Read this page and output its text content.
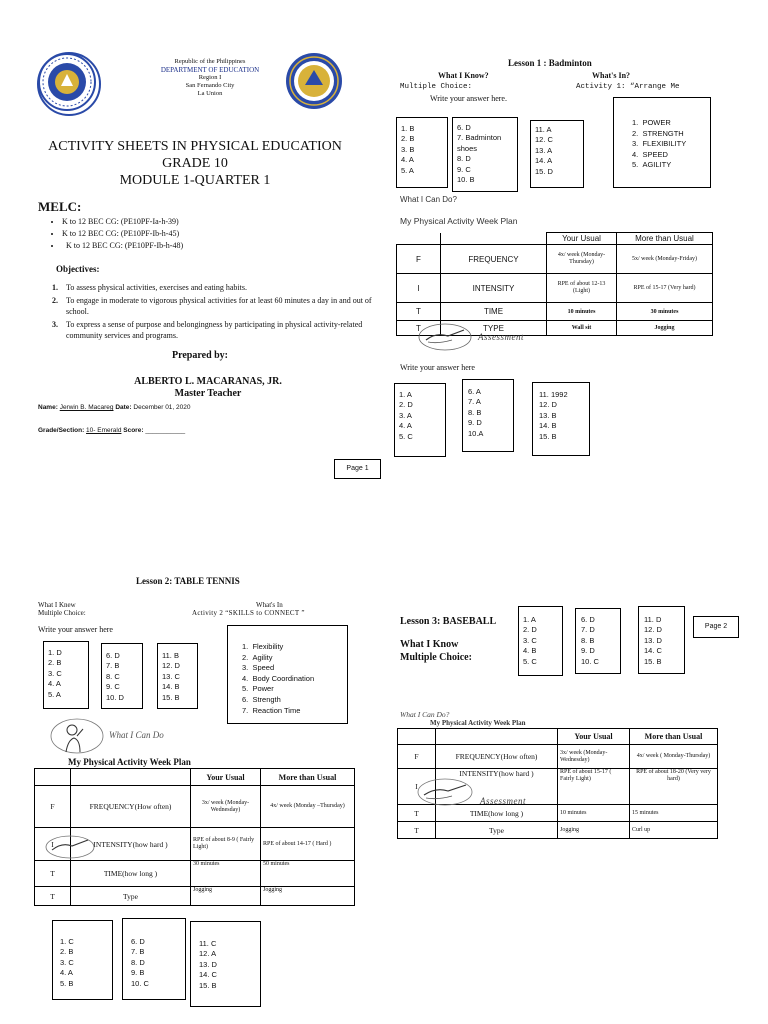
Republic of the Philippines
DEPARTMENT OF EDUCATION
Region I
San Fernando City
La Union
ACTIVITY SHEETS IN PHYSICAL EDUCATION
GRADE 10
MODULE 1-QUARTER 1
MELC:
• K to 12 BEC CG: (PE10PF-Ia-h-39)
• K to 12 BEC CG: (PE10PF-Ib-h-45)
• K to 12 BEC CG: (PE10PF-Ib-h-48)
Objectives:
1.	To assess physical activities, exercises and eating habits.
2.	To engage in moderate to vigorous physical activities for at least 60 minutes a day in and out of school.
3.	To express a sense of purpose and belongingness by participating in physical activity-related community services and programs.
Prepared by:
ALBERTO L. MACARANAS, JR.
Master Teacher
Name: Jerwin B. Macareg Date: December 01, 2020
Grade/Section: 10- Emerald Score: ___________
Page 1
Lesson 1 : Badminton
What I Know?	What's In?
Multiple Choice:	Activity 1: “Arrange Me
Write your answer here.
1. B
2. B
3. B
4. A
5. A
6. D
7. Badminton
shoes
8. D
9. C
10. B
11. A
12. C
13. A
14. A
15. D
1. POWER
2. STRENGTH
3. FLEXIBILITY
4. SPEED
5. AGILITY
What I Can Do?
My Physical Activity Week Plan
		Your Usual	More than Usual
F	FREQUENCY	4x/ week (Monday-Thursday)	5x/ week (Monday-Friday)
I	INTENSITY	RPE of about 12-13 (Light)	RPE of 15-17 (Very hard)
T	TIME	10 minutes	30 minutes
T	TYPE	Wall sit	Jogging
Assessment
Write your answer here
1. A
2. D
3. A
4. A
5. C
6. A
7. A
8. B
9. D
10.A
11. 1992
12. D
13. B
14. B
15. B
Lesson 2: TABLE TENNIS
What I Knew
Multiple Choice:
What's In
Activity 2 “SKILLS to CONNECT ”
Write your answer here
1. D
2. B
3. C
4. A
5. A
6. D
7. B
8. C
9. C
10. D
11. B
12. D
13. C
14. B
15. B
1. Flexibility
2. Agility
3. Speed
4. Body Coordination
5. Power
6. Strength
7. Reaction Time
What I Can Do
My Physical Activity Week Plan
		Your Usual	More than Usual
F	FREQUENCY(How often)	3x/ week (Monday-Wednesday)	4x/ week (Monday –Thursday)
I	INTENSITY(how hard )	RPE of about 8-9 ( Fairly Light)	RPE of about 14-17 ( Hard )
T	TIME(how long )	30 minutes	50 minutes
T	Type	Jogging	Jogging
1. C
2. B
3. C
4. A
5. B
6. D
7. B
8. D
9. B
10. C
11. C
12. A
13. D
14. C
15. B
Lesson 3: BASEBALL
What I Know
Multiple Choice:
1. A
2. D
3. C
4. B
5. C
6. D
7. D
8. B
9. D
10. C
11. D
12. D
13. D
14. C
15. B
Page 2
What I Can Do?
My Physical Activity Week Plan
		Your Usual	More than Usual
F	FREQUENCY(How often)	3x/ week (Monday-Wednesday)	4x/ week ( Monday-Thursday)
I	INTENSITY(how hard )	RPE of about 15-17 ( Fairly Light)	RPE of about 18-20 (Very very hard)
T	TIME(how long )	10 minutes	15 minutes
T	Type	Jogging	Curl up
Assessment
